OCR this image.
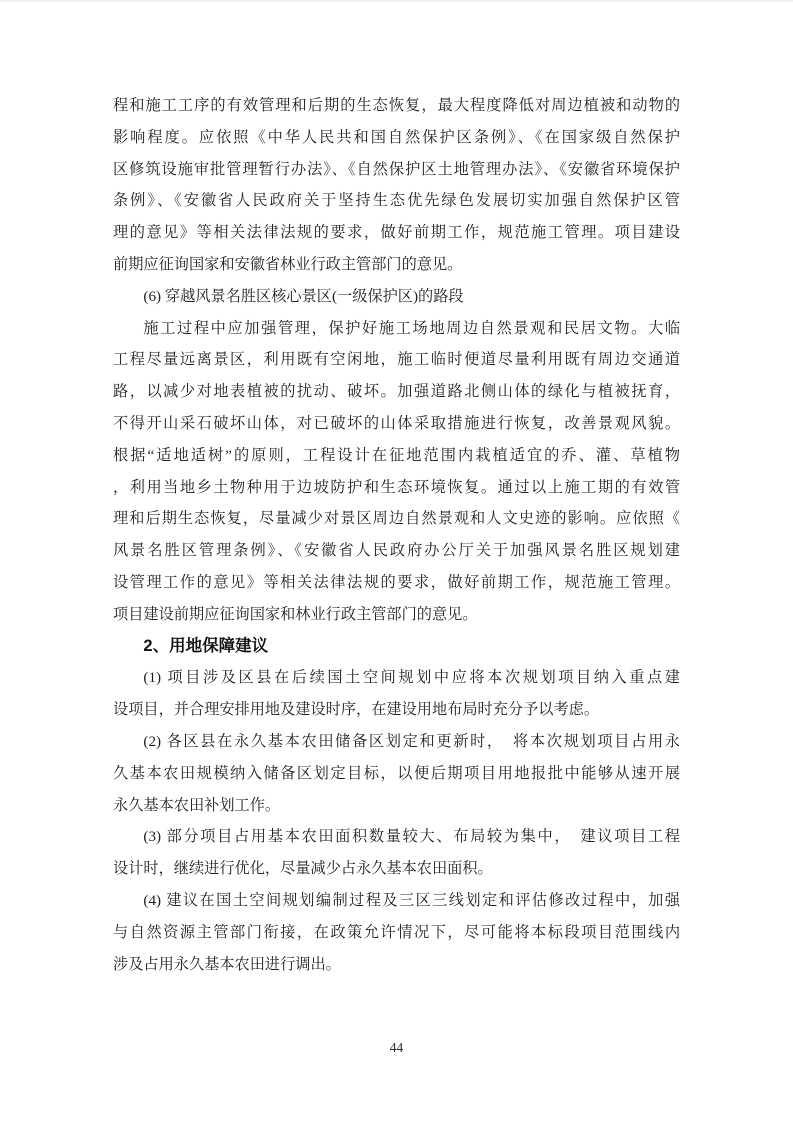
程和施工工序的有效管理和后期的生态恢复，最大程度降低对周边植被和动物的
影响程度。应依照《中华人民共和国自然保护区条例》、《在国家级自然保护
区修筑设施审批管理暂行办法》、《自然保护区土地管理办法》、《安徽省环境保护
条例》、《安徽省人民政府关于坚持生态优先绿色发展切实加强自然保护区管
理的意见》等相关法律法规的要求，做好前期工作，规范施工管理。项目建设
前期应征询国家和安徽省林业行政主管部门的意见。
(6) 穿越风景名胜区核心景区(一级保护区)的路段
施工过程中应加强管理，保护好施工场地周边自然景观和民居文物。大临
工程尽量远离景区，利用既有空闲地，施工临时便道尽量利用既有周边交通道
路，以减少对地表植被的扰动、破坏。加强道路北侧山体的绿化与植被抚育，
不得开山采石破坏山体，对已破坏的山体采取措施进行恢复，改善景观风貌。
根据“适地适树”的原则，工程设计在征地范围内栽植适宜的乔、灌、草植物
，利用当地乡土物种用于边坡防护和生态环境恢复。通过以上施工期的有效管
理和后期生态恢复，尽量减少对景区周边自然景观和人文史迹的影响。应依照《
风景名胜区管理条例》、《安徽省人民政府办公厅关于加强风景名胜区规划建
设管理工作的意见》等相关法律法规的要求，做好前期工作，规范施工管理。
项目建设前期应征询国家和林业行政主管部门的意见。
2、用地保障建议
(1) 项目涉及区县在后续国土空间规划中应将本次规划项目纳入重点建
设项目，并合理安排用地及建设时序，在建设用地布局时充分予以考虑。
(2) 各区县在永久基本农田储备区划定和更新时，　将本次规划项目占用永
久基本农田规模纳入储备区划定目标，以便后期项目用地报批中能够从速开展
永久基本农田补划工作。
(3) 部分项目占用基本农田面积数量较大、布局较为集中，　建议项目工程
设计时，继续进行优化，尽量减少占永久基本农田面积。
(4) 建议在国土空间规划编制过程及三区三线划定和评估修改过程中，加强
与自然资源主管部门衔接，在政策允许情况下，尽可能将本标段项目范围线内
涉及占用永久基本农田进行调出。
44
